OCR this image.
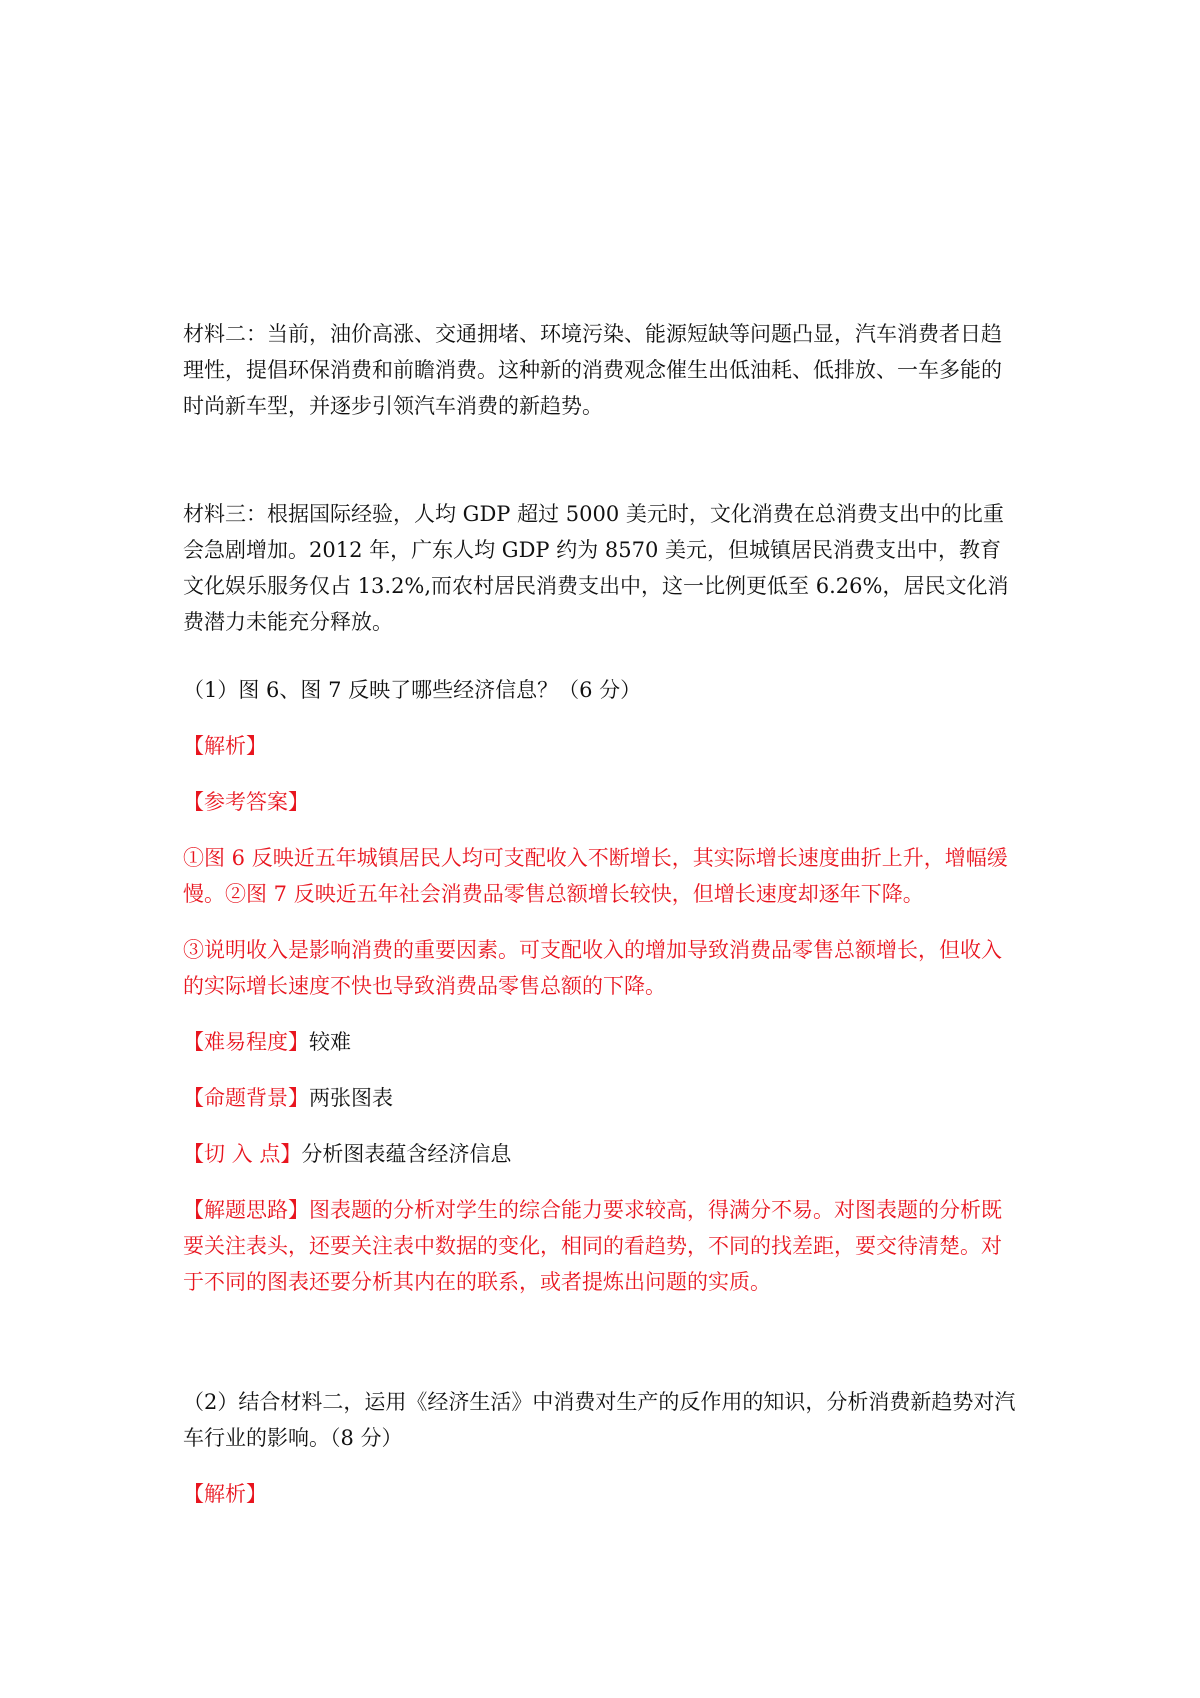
材料二：当前，油价高涨、交通拥堵、环境污染、能源短缺等问题凸显，汽车消费者日趋理性，提倡环保消费和前瞻消费。这种新的消费观念催生出低油耗、低排放、一车多能的时尚新车型，并逐步引领汽车消费的新趋势。

材料三：根据国际经验，人均 GDP 超过 5000 美元时，文化消费在总消费支出中的比重会急剧增加。2012 年，广东人均 GDP 约为 8570 美元，但城镇居民消费支出中，教育文化娱乐服务仅占 13.2%,而农村居民消费支出中，这一比例更低至 6.26%，居民文化消费潜力未能充分释放。

（1）图 6、图 7 反映了哪些经济信息？（6 分）

【解析】

【参考答案】

①图 6 反映近五年城镇居民人均可支配收入不断增长，其实际增长速度曲折上升，增幅缓慢。②图 7 反映近五年社会消费品零售总额增长较快，但增长速度却逐年下降。

③说明收入是影响消费的重要因素。可支配收入的增加导致消费品零售总额增长，但收入的实际增长速度不快也导致消费品零售总额的下降。

【难易程度】较难

【命题背景】两张图表

【切 入 点】分析图表蕴含经济信息

【解题思路】图表题的分析对学生的综合能力要求较高，得满分不易。对图表题的分析既要关注表头，还要关注表中数据的变化，相同的看趋势，不同的找差距，要交待清楚。对于不同的图表还要分析其内在的联系，或者提炼出问题的实质。

（2）结合材料二，运用《经济生活》中消费对生产的反作用的知识，分析消费新趋势对汽车行业的影响。（8 分）

【解析】
